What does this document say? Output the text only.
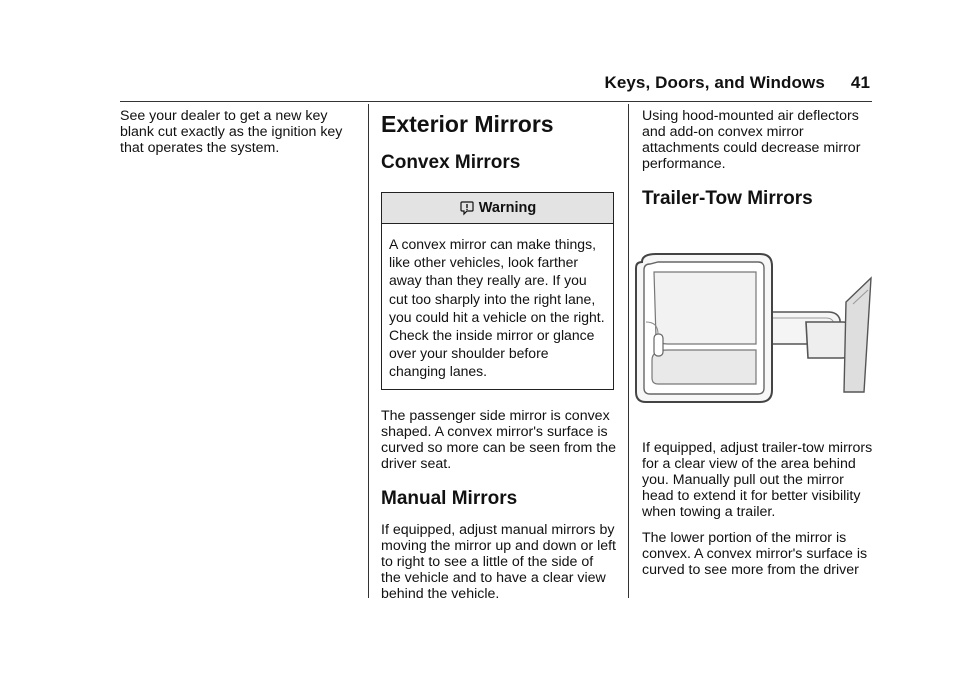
Keys, Doors, and Windows 41

See your dealer to get a new key blank cut exactly as the ignition key that operates the system.

Exterior Mirrors
Convex Mirrors
Warning
A convex mirror can make things, like other vehicles, look farther away than they really are. If you cut too sharply into the right lane, you could hit a vehicle on the right. Check the inside mirror or glance over your shoulder before changing lanes.

The passenger side mirror is convex shaped. A convex mirror's surface is curved so more can be seen from the driver seat.

Manual Mirrors

If equipped, adjust manual mirrors by moving the mirror up and down or left to right to see a little of the side of the vehicle and to have a clear view behind the vehicle.

Using hood-mounted air deflectors and add-on convex mirror attachments could decrease mirror performance.

Trailer-Tow Mirrors

If equipped, adjust trailer-tow mirrors for a clear view of the area behind you. Manually pull out the mirror head to extend it for better visibility when towing a trailer.

The lower portion of the mirror is convex. A convex mirror's surface is curved to see more from the driver
